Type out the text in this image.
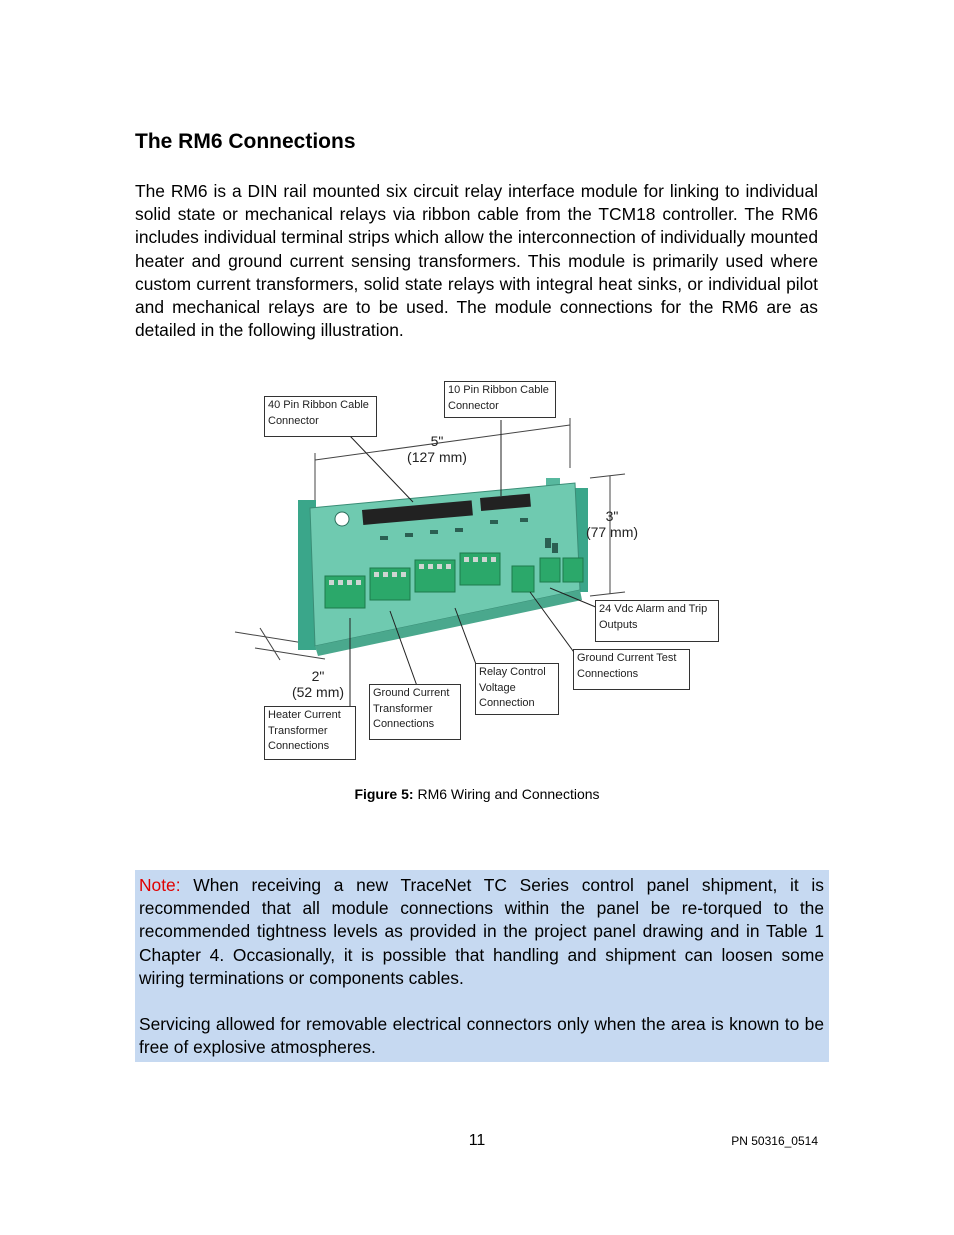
The RM6 Connections

The RM6 is a DIN rail mounted six circuit relay interface module for linking to individual solid state or mechanical relays via ribbon cable from the TCM18 controller. The RM6 includes individual terminal strips which allow the interconnection of individually mounted heater and ground current sensing transformers. This module is primarily used where custom current transformers, solid state relays with integral heat sinks, or individual pilot and mechanical relays are to be used. The module connections for the RM6 are as detailed in the following illustration.

40 Pin Ribbon Cable
Connector
10 Pin Ribbon Cable
Connector
24 Vdc Alarm and Trip
Outputs
Ground Current Test
Connections
Relay Control
Voltage
Connection
Ground Current
Transformer
Connections
Heater Current
Transformer
Connections
5"
(127 mm)
3"
(77 mm)
2"
(52 mm)
Figure 5: RM6 Wiring and Connections

Note: When receiving a new TraceNet TC Series control panel shipment, it is recommended that all module connections within the panel be re-torqued to the recommended tightness levels as provided in the project panel drawing and in Table 1 Chapter 4. Occasionally, it is possible that handling and shipment can loosen some wiring terminations or components cables.

Servicing allowed for removable electrical connectors only when the area is known to be free of explosive atmospheres.

11	PN 50316_0514
